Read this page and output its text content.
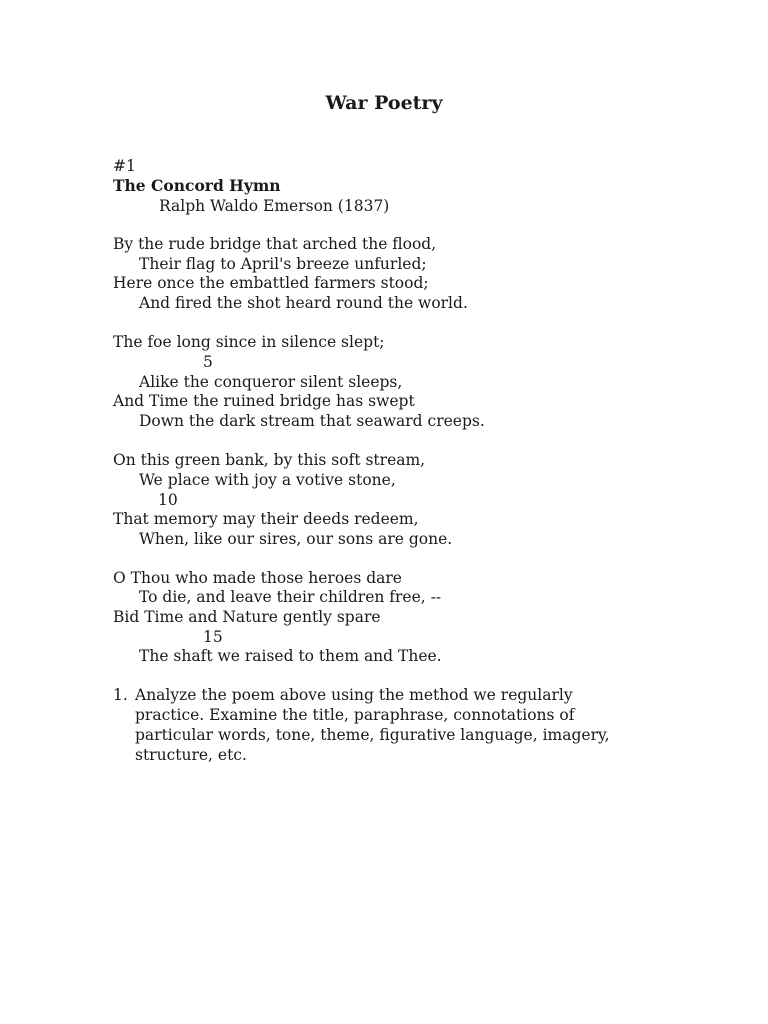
War Poetry

#1

The Concord Hymn

Ralph Waldo Emerson (1837)

By the rude bridge that arched the flood,

Their flag to April's breeze unfurled;

Here once the embattled farmers stood;

And fired the shot heard round the world.

The foe long since in silence slept;

5

Alike the conqueror silent sleeps,

And Time the ruined bridge has swept

Down the dark stream that seaward creeps.

On this green bank, by this soft stream,

We place with joy a votive stone,

10

That memory may their deeds redeem,

When, like our sires, our sons are gone.

O Thou who made those heroes dare

To die, and leave their children free, --

Bid Time and Nature gently spare

15

The shaft we raised to them and Thee.

1. Analyze the poem above using the method we regularly

practice. Examine the title, paraphrase, connotations of

particular words, tone, theme, figurative language, imagery,

structure, etc.
